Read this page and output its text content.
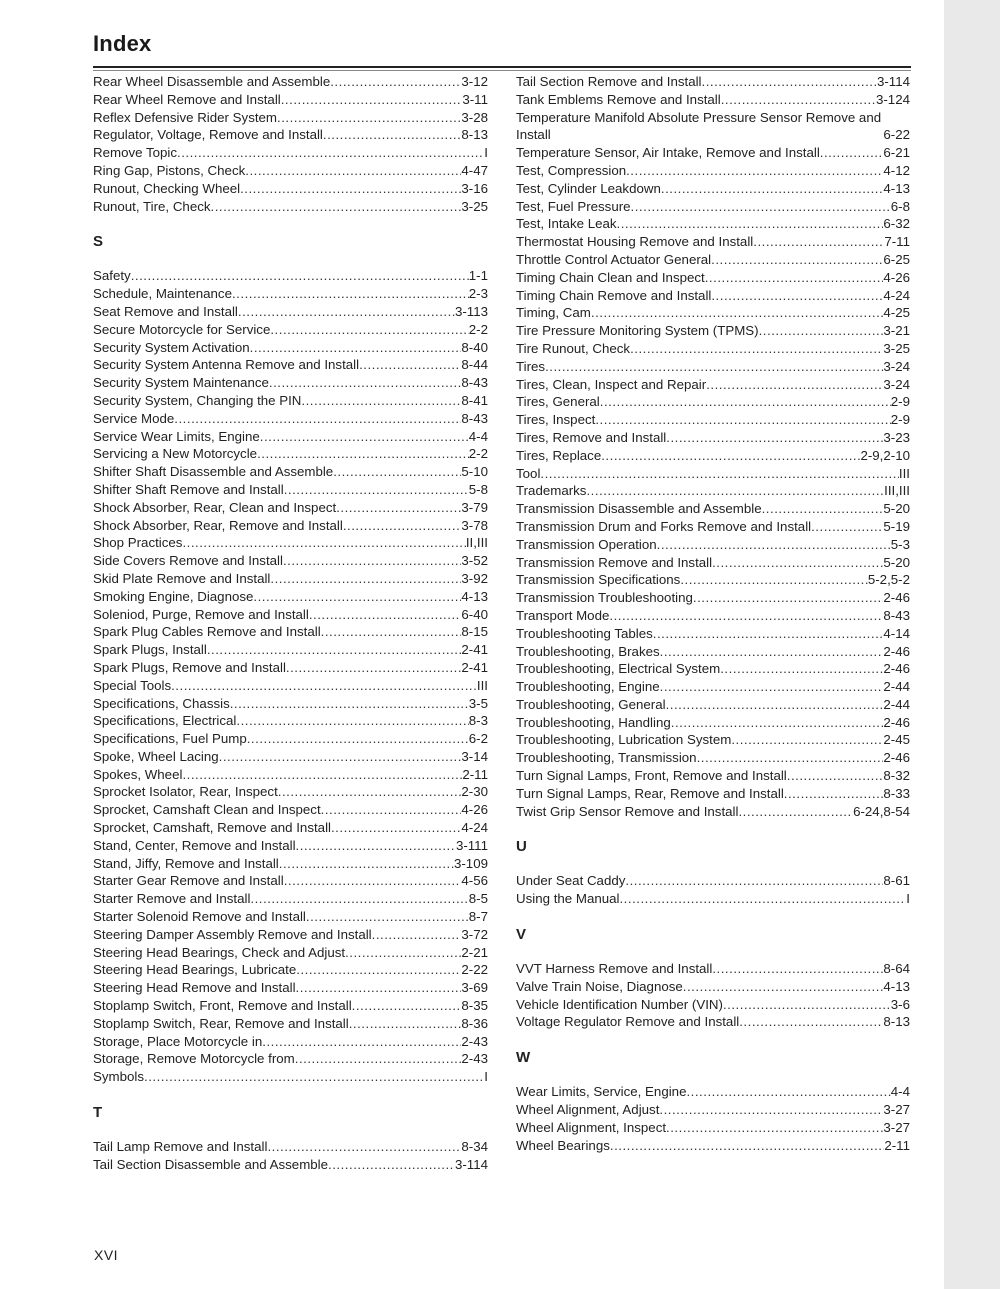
Index
Rear Wheel Disassemble and Assemble .....	3-12
Rear Wheel Remove and Install .....	3-11
Reflex Defensive Rider System .....	3-28
Regulator, Voltage, Remove and Install .....	8-13
Remove Topic .....	I
Ring Gap, Pistons, Check .....	4-47
Runout, Checking Wheel .....	3-16
Runout, Tire, Check .....	3-25
S
Safety .....	1-1
Schedule, Maintenance .....	2-3
Seat Remove and Install .....	3-113
Secure Motorcycle for Service .....	2-2
Security System Activation .....	8-40
Security System Antenna Remove and Install .....	8-44
Security System Maintenance .....	8-43
Security System, Changing the PIN .....	8-41
Service Mode .....	8-43
Service Wear Limits, Engine .....	4-4
Servicing a New Motorcycle .....	2-2
Shifter Shaft Disassemble and Assemble .....	5-10
Shifter Shaft Remove and Install .....	5-8
Shock Absorber, Rear, Clean and Inspect .....	3-79
Shock Absorber, Rear, Remove and Install .....	3-78
Shop Practices .....	II,III
Side Covers Remove and Install .....	3-52
Skid Plate Remove and Install .....	3-92
Smoking Engine, Diagnose .....	4-13
Soleniod, Purge, Remove and Install .....	6-40
Spark Plug Cables Remove and Install .....	8-15
Spark Plugs, Install .....	2-41
Spark Plugs, Remove and Install .....	2-41
Special Tools .....	III
Specifications, Chassis .....	3-5
Specifications, Electrical .....	8-3
Specifications, Fuel Pump .....	6-2
Spoke, Wheel Lacing .....	3-14
Spokes, Wheel .....	2-11
Sprocket Isolator, Rear, Inspect .....	2-30
Sprocket, Camshaft Clean and Inspect .....	4-26
Sprocket, Camshaft, Remove and Install .....	4-24
Stand, Center, Remove and Install .....	3-111
Stand, Jiffy, Remove and Install .....	3-109
Starter Gear Remove and Install .....	4-56
Starter Remove and Install .....	8-5
Starter Solenoid Remove and Install .....	8-7
Steering Damper Assembly Remove and Install .....	3-72
Steering Head Bearings, Check and Adjust .....	2-21
Steering Head Bearings, Lubricate .....	2-22
Steering Head Remove and Install .....	3-69
Stoplamp Switch, Front, Remove and Install .....	8-35
Stoplamp Switch, Rear, Remove and Install .....	8-36
Storage, Place Motorcycle in .....	2-43
Storage, Remove Motorcycle from .....	2-43
Symbols .....	I
T
Tail Lamp Remove and Install .....	8-34
Tail Section Disassemble and Assemble .....	3-114
Tail Section Remove and Install .....	3-114
Tank Emblems Remove and Install .....	3-124
Temperature Manifold Absolute Pressure Sensor Remove and Install	6-22
Temperature Sensor, Air Intake, Remove and Install .....	6-21
Test, Compression .....	4-12
Test, Cylinder Leakdown .....	4-13
Test, Fuel Pressure .....	6-8
Test, Intake Leak .....	6-32
Thermostat Housing Remove and Install .....	7-11
Throttle Control Actuator General .....	6-25
Timing Chain Clean and Inspect .....	4-26
Timing Chain Remove and Install .....	4-24
Timing, Cam .....	4-25
Tire Pressure Monitoring System (TPMS) .....	3-21
Tire Runout, Check .....	3-25
Tires .....	3-24
Tires, Clean, Inspect and Repair .....	3-24
Tires, General .....	2-9
Tires, Inspect .....	2-9
Tires, Remove and Install .....	3-23
Tires, Replace .....	2-9,2-10
Tool .....	III
Trademarks .....	III,III
Transmission Disassemble and Assemble .....	5-20
Transmission Drum and Forks Remove and Install .....	5-19
Transmission Operation .....	5-3
Transmission Remove and Install .....	5-20
Transmission Specifications .....	5-2,5-2
Transmission Troubleshooting .....	2-46
Transport Mode .....	8-43
Troubleshooting Tables .....	4-14
Troubleshooting, Brakes .....	2-46
Troubleshooting, Electrical System .....	2-46
Troubleshooting, Engine .....	2-44
Troubleshooting, General .....	2-44
Troubleshooting, Handling .....	2-46
Troubleshooting, Lubrication System .....	2-45
Troubleshooting, Transmission .....	2-46
Turn Signal Lamps, Front, Remove and Install .....	8-32
Turn Signal Lamps, Rear, Remove and Install .....	8-33
Twist Grip Sensor Remove and Install .....	6-24,8-54
U
Under Seat Caddy .....	8-61
Using the Manual .....	I
V
VVT Harness Remove and Install .....	8-64
Valve Train Noise, Diagnose .....	4-13
Vehicle Identification Number (VIN) .....	3-6
Voltage Regulator Remove and Install .....	8-13
W
Wear Limits, Service, Engine .....	4-4
Wheel Alignment, Adjust .....	3-27
Wheel Alignment, Inspect .....	3-27
Wheel Bearings .....	2-11
XVI
